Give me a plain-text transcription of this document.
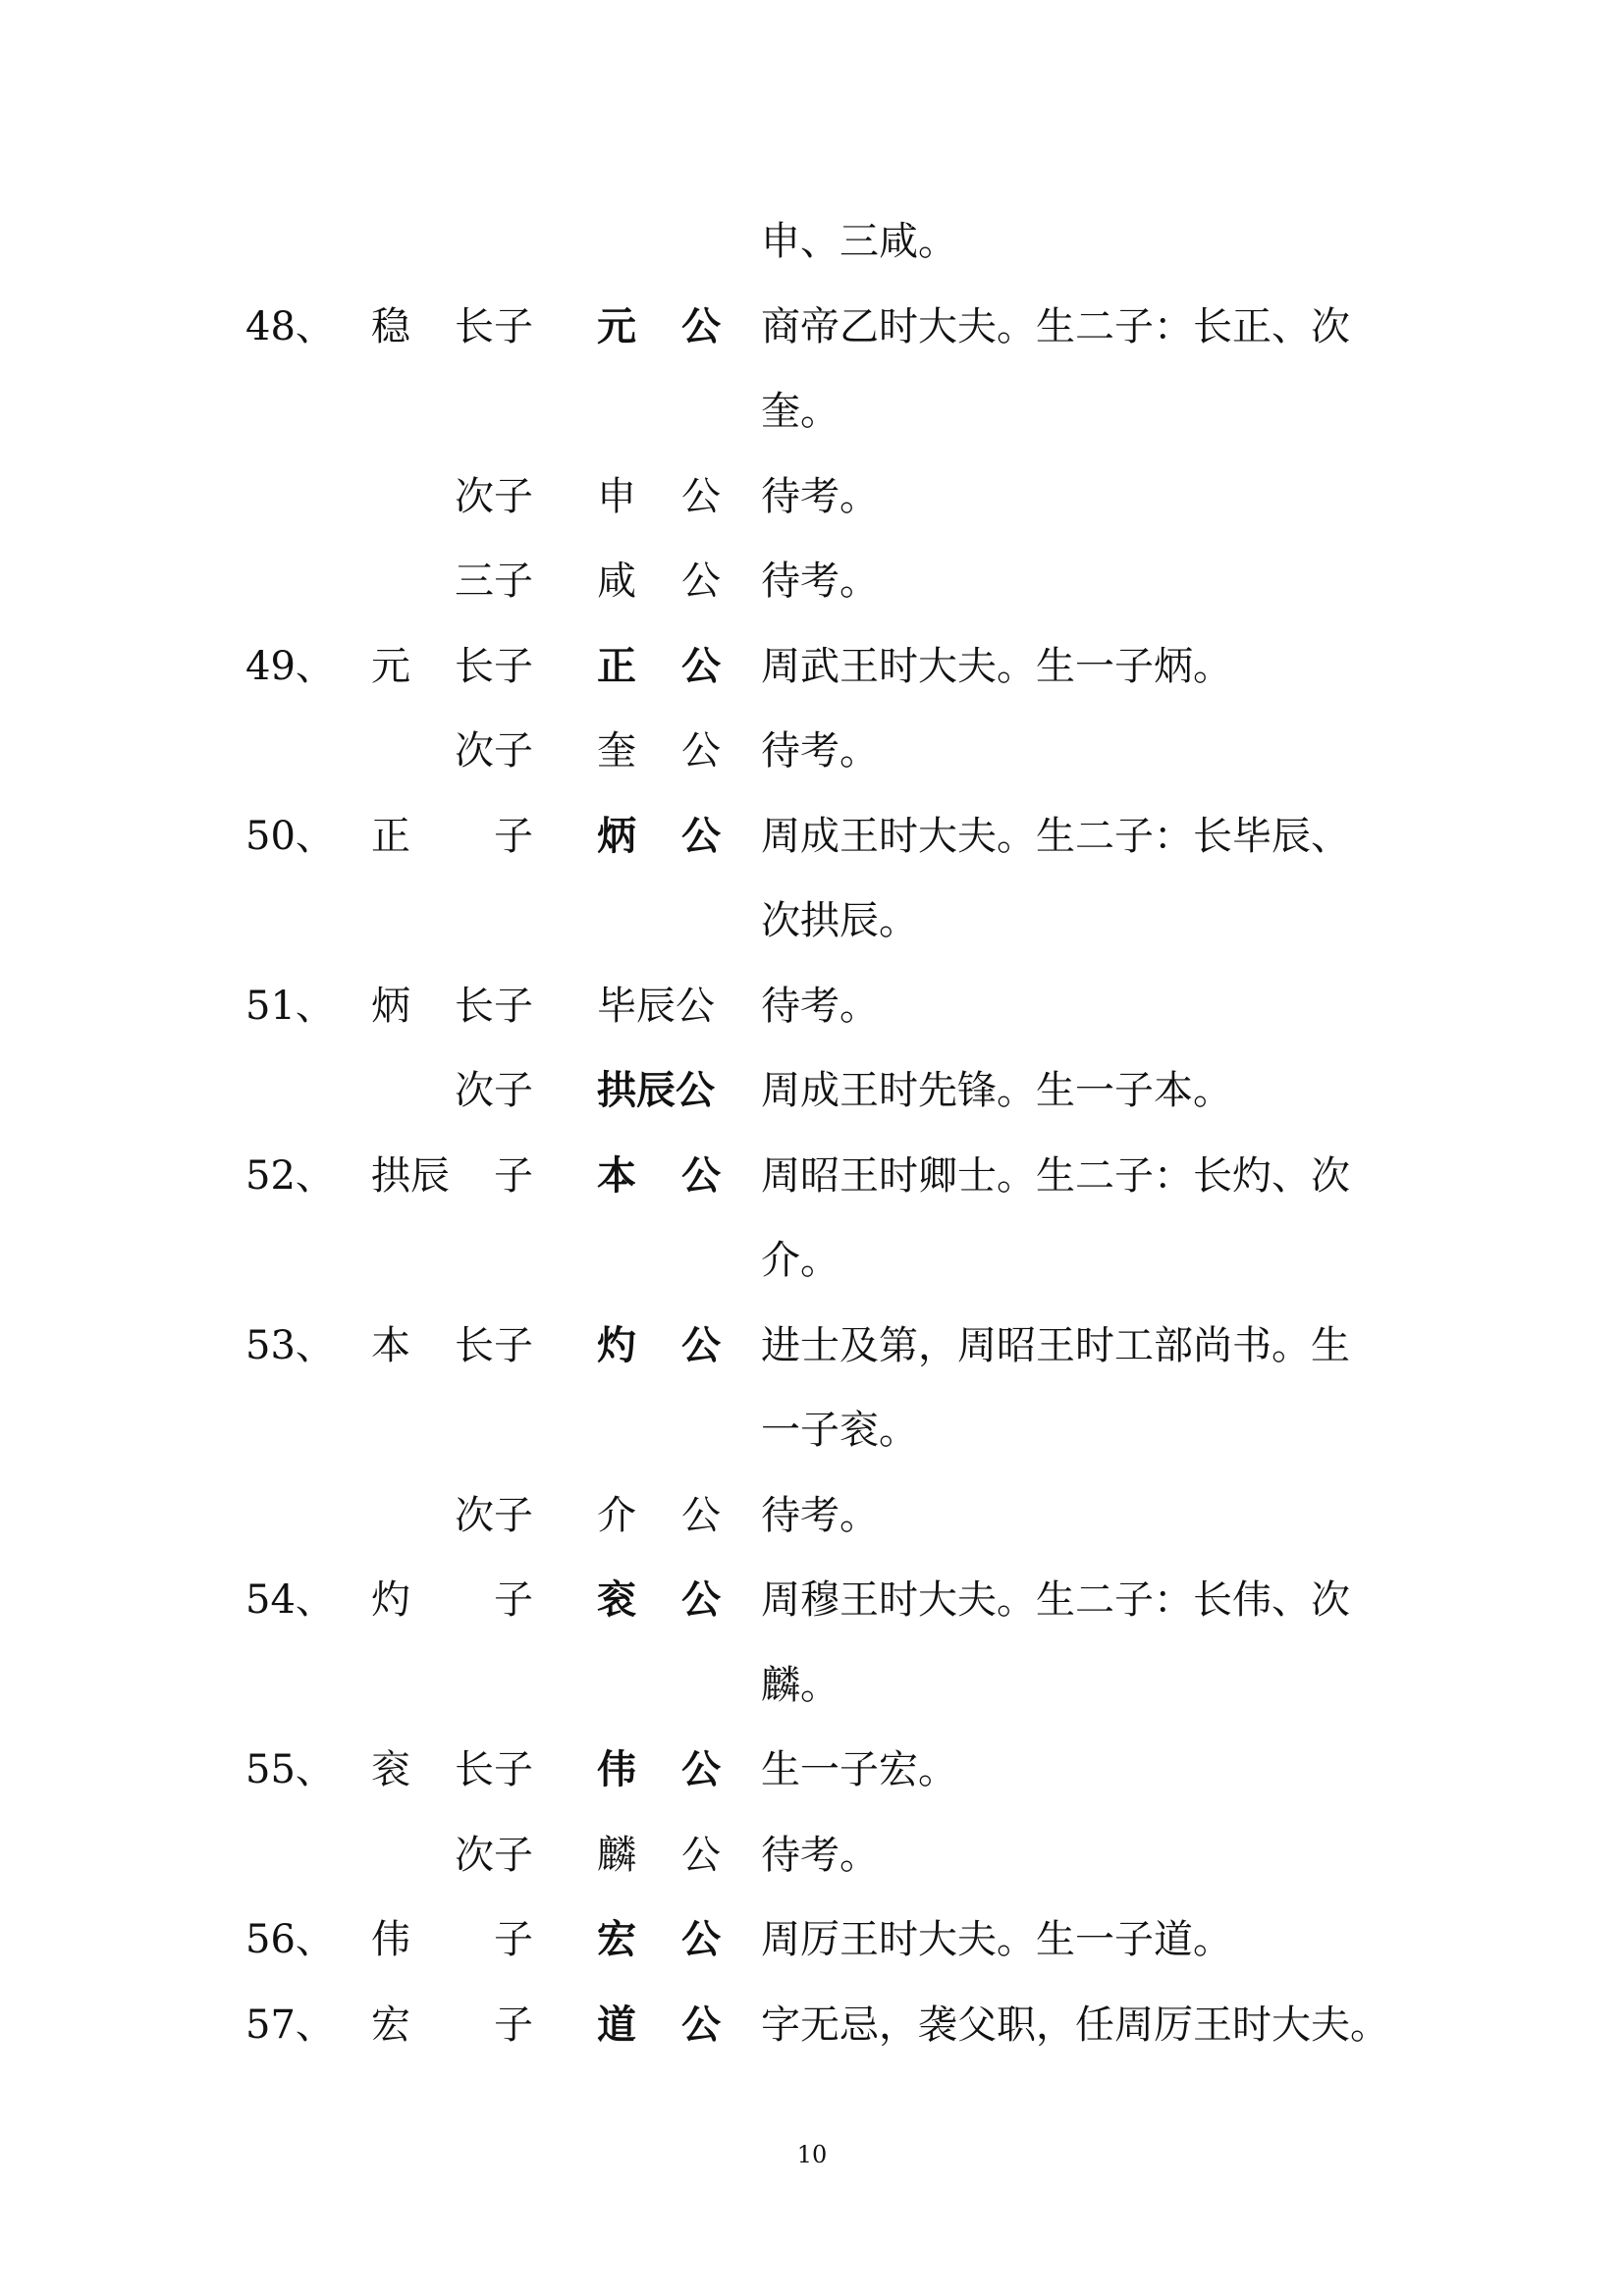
申、三咸。
48、 稳 长子 元 公 商帝乙时大夫。生二子：长正、次
奎。
次子 申 公 待考。
三子 咸 公 待考。
49、 元 长子 正 公 周武王时大夫。生一子炳。
次子 奎 公 待考。
50、 正 子 炳 公 周成王时大夫。生二子：长毕辰、
次拱辰。
51、 炳 长子 毕辰公 待考。
次子 拱辰公 周成王时先锋。生一子本。
52、 拱辰 子 本 公 周昭王时卿士。生二子：长灼、次
介。
53、 本 长子 灼 公 进士及第，周昭王时工部尚书。生
一子衮。
次子 介 公 待考。
54、 灼 子 衮 公 周穆王时大夫。生二子：长伟、次
麟。
55、 衮 长子 伟 公 生一子宏。
次子 麟 公 待考。
56、 伟 子 宏 公 周厉王时大夫。生一子道。
57、 宏 子 道 公 字无忌，袭父职，任周厉王时大夫。
10
